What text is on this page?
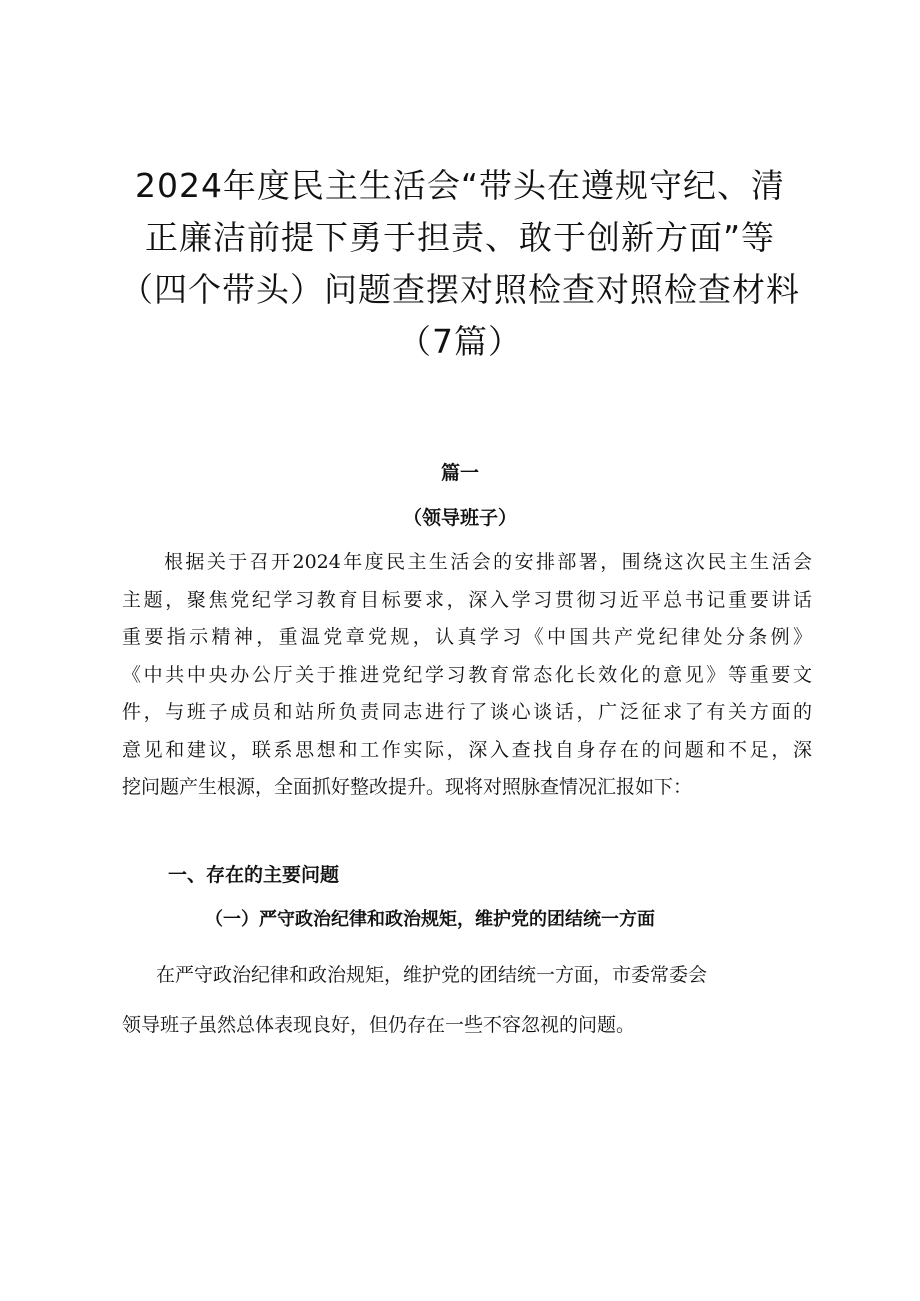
2024年度民主生活会“带头在遵规守纪、清
正廉洁前提下勇于担责、敢于创新方面”等
（四个带头）问题查摆对照检查对照检查材料
（7篇）
篇一
（领导班子）
根据关于召开2024年度民主生活会的安排部署，围绕这次民主生活会
主题，聚焦党纪学习教育目标要求，深入学习贯彻习近平总书记重要讲话
重要指示精神，重温党章党规，认真学习《中国共产党纪律处分条例》
《中共中央办公厅关于推进党纪学习教育常态化长效化的意见》等重要文
件，与班子成员和站所负责同志进行了谈心谈话，广泛征求了有关方面的
意见和建议，联系思想和工作实际，深入查找自身存在的问题和不足，深
挖问题产生根源，全面抓好整改提升。现将对照脉查情况汇报如下：
一、存在的主要问题
（一）严守政治纪律和政治规矩，维护党的团结统一方面
在严守政治纪律和政治规矩，维护党的团结统一方面，市委常委会
领导班子虽然总体表现良好，但仍存在一些不容忽视的问题。
